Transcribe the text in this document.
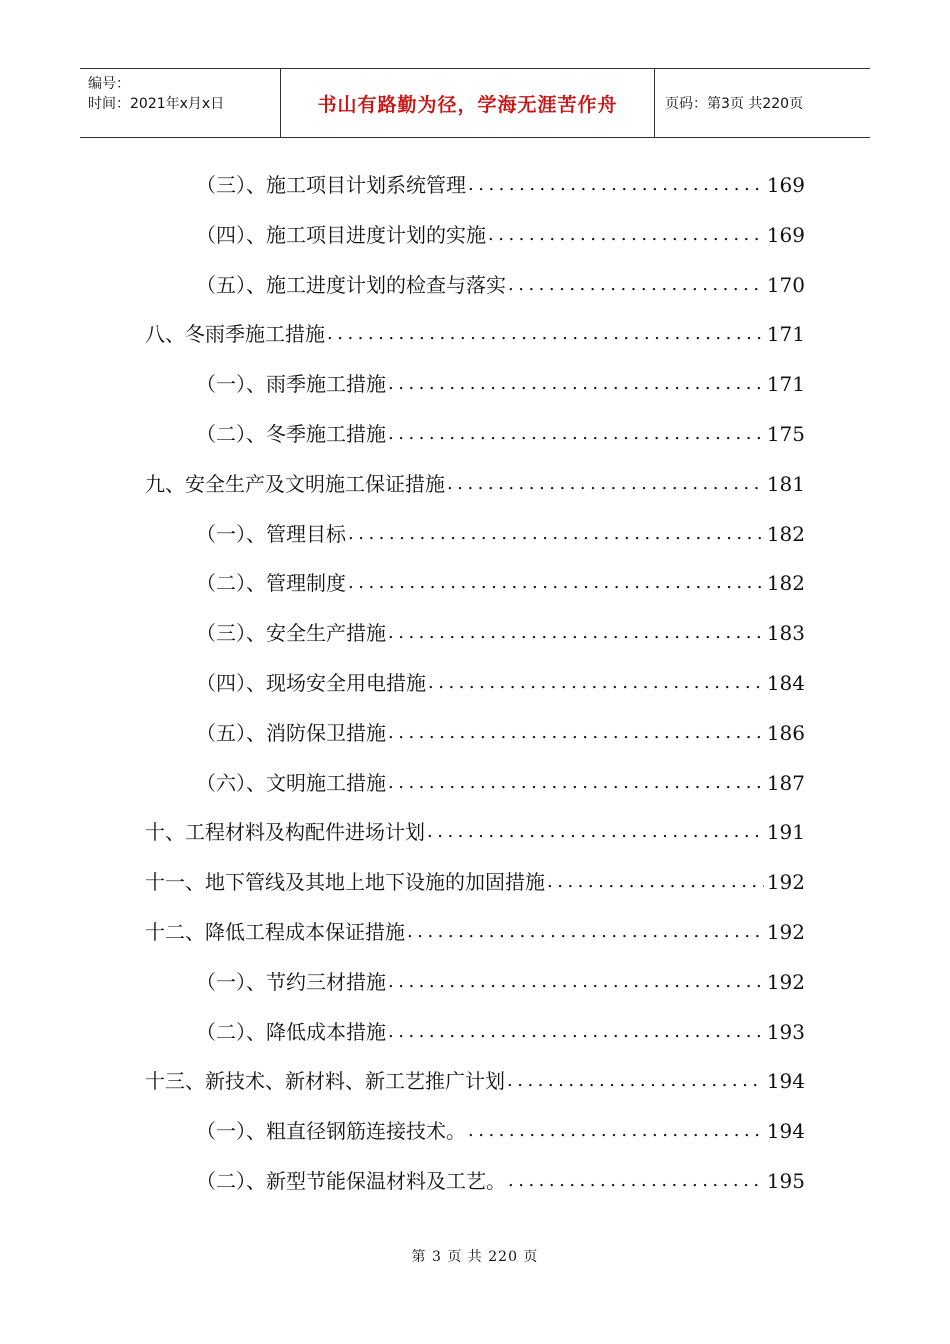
编号：
时间：2021年x月x日	书山有路勤为径，学海无涯苦作舟	页码：第3页 共220页
（三）、施工项目计划系统管理 .....	169
（四）、施工项目进度计划的实施 .....	169
（五）、施工进度计划的检查与落实 .....	170
八、冬雨季施工措施 .....	171
（一）、雨季施工措施 .....	171
（二）、冬季施工措施 .....	175
九、安全生产及文明施工保证措施 .....	181
（一）、管理目标 .....	182
（二）、管理制度 .....	182
（三）、安全生产措施 .....	183
（四）、现场安全用电措施 .....	184
（五）、消防保卫措施 .....	186
（六）、文明施工措施 .....	187
十、工程材料及构配件进场计划 .....	191
十一、地下管线及其地上地下设施的加固措施 .....	192
十二、降低工程成本保证措施 .....	192
（一）、节约三材措施 .....	192
（二）、降低成本措施 .....	193
十三、新技术、新材料、新工艺推广计划 .....	194
（一）、粗直径钢筋连接技术。 .....	194
（二）、新型节能保温材料及工艺。 .....	195
第 3 页 共 220 页
